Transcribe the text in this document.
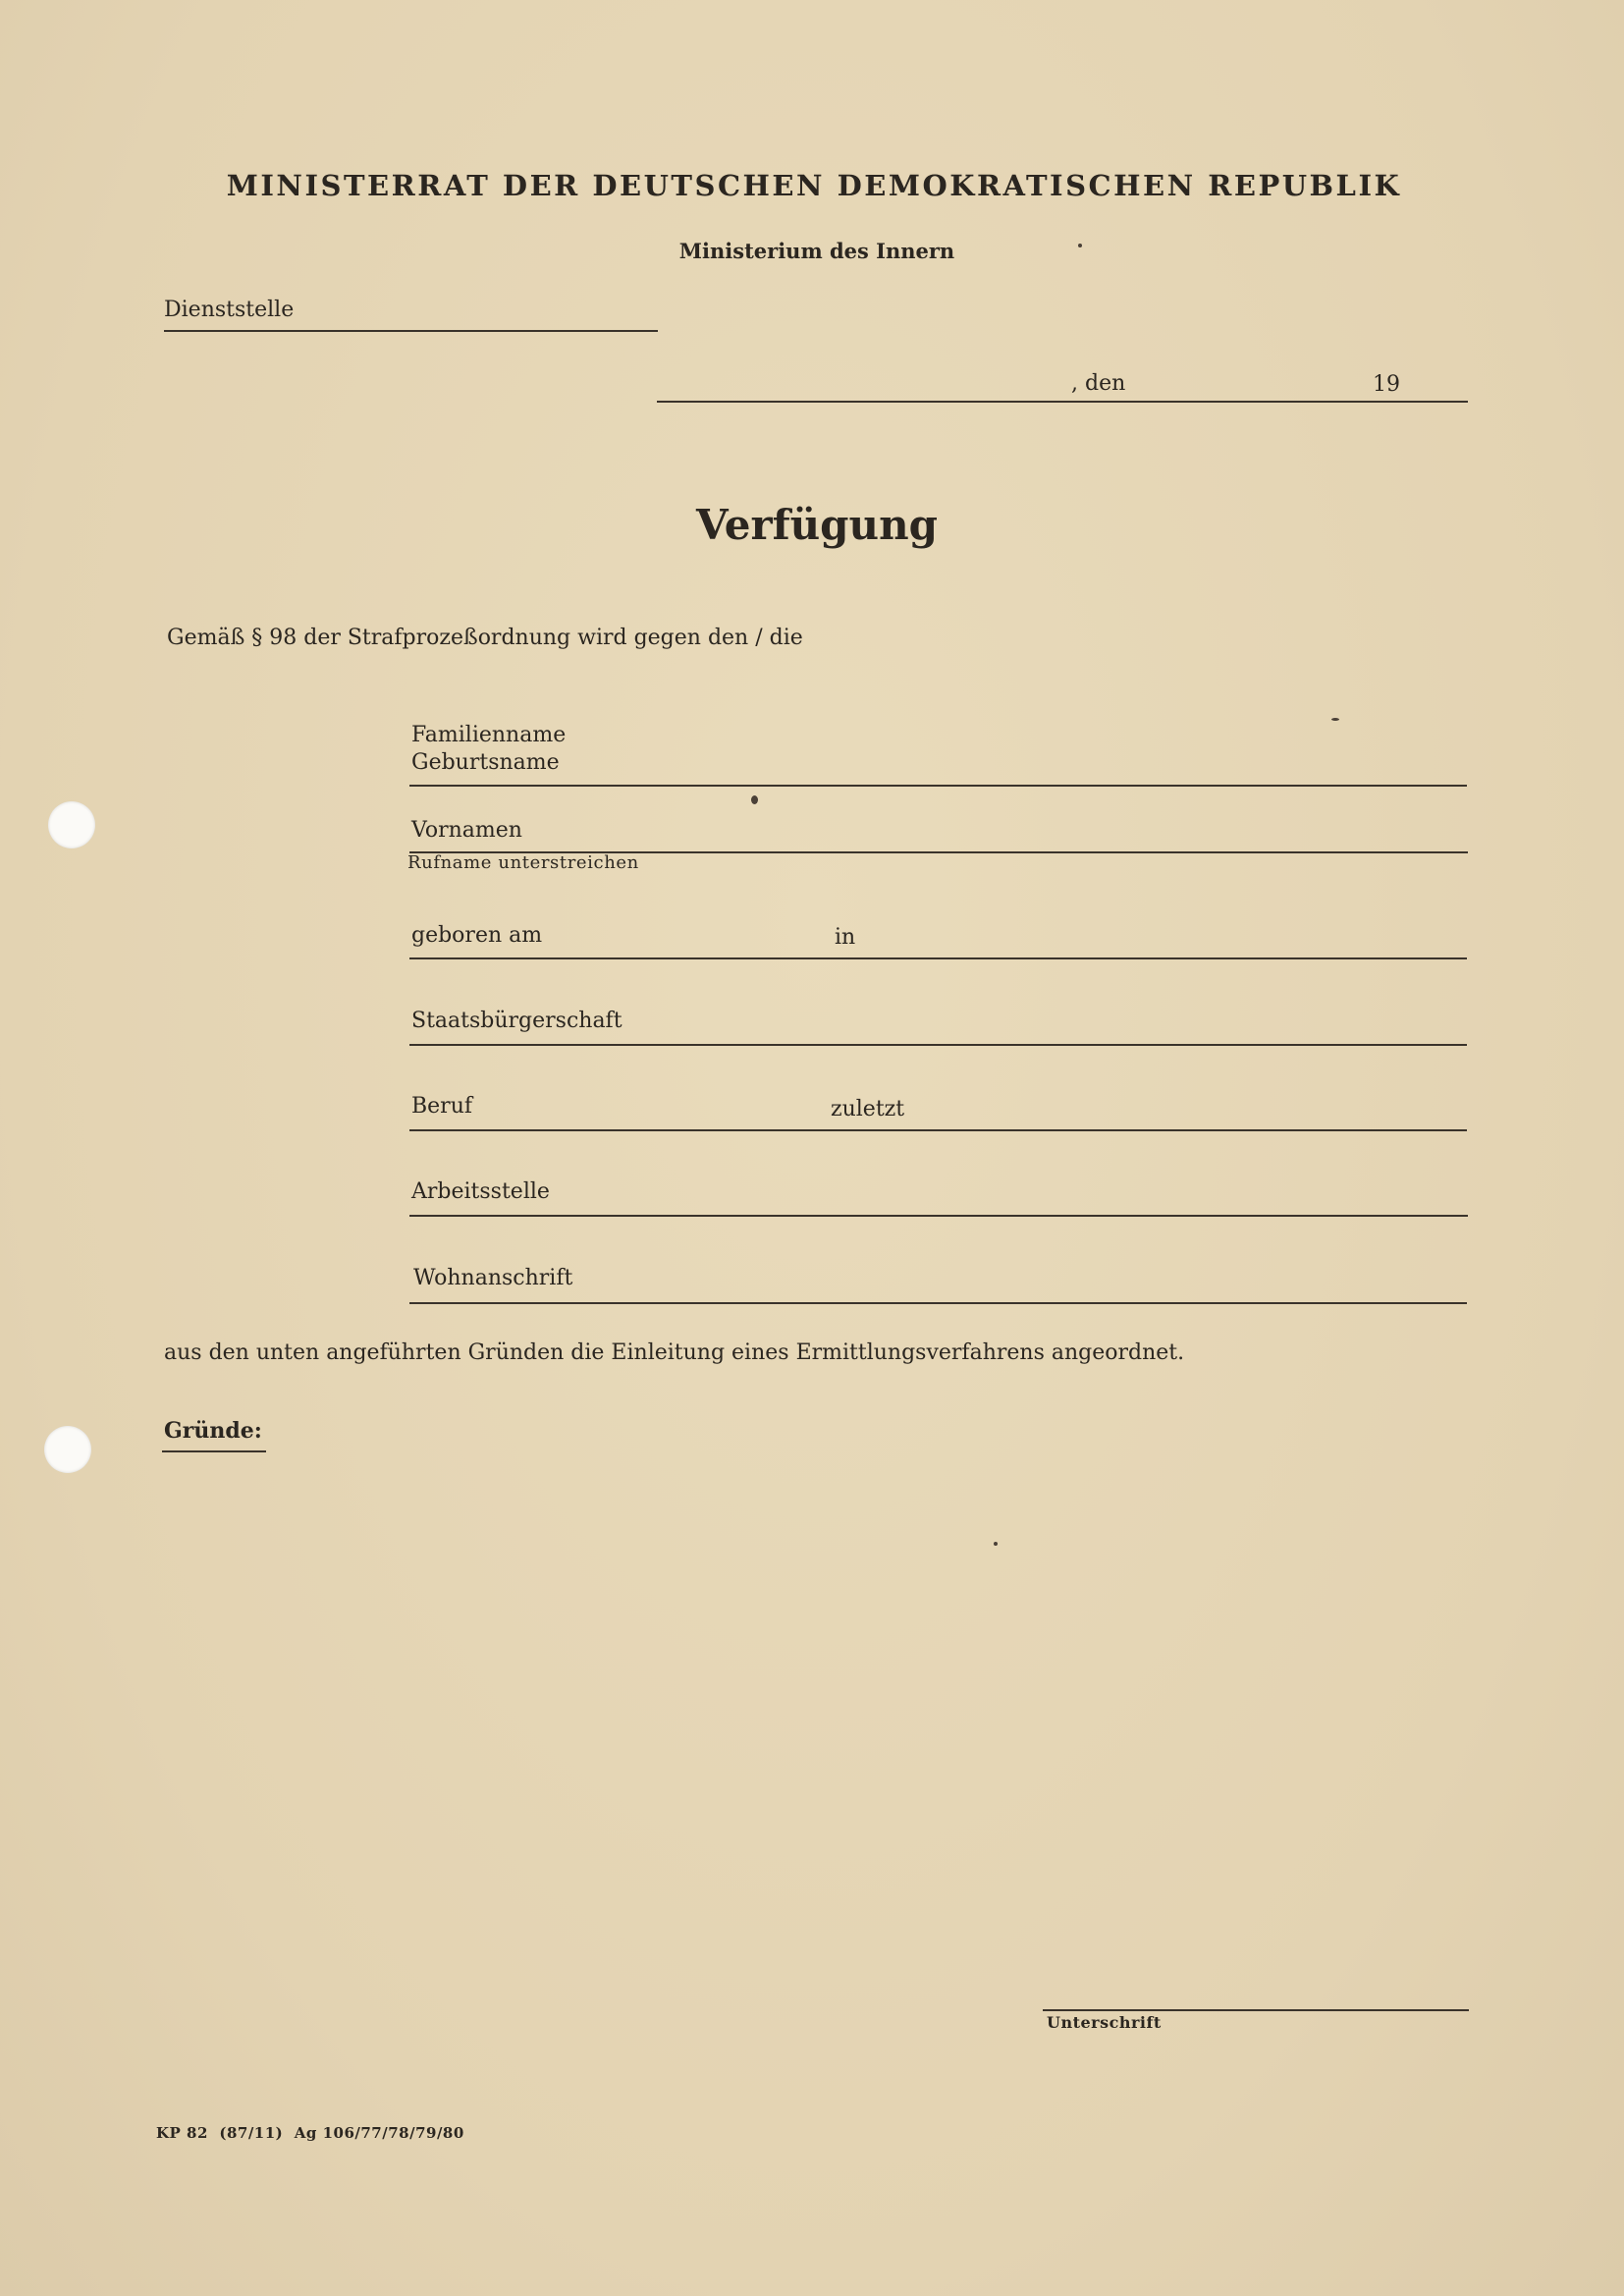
MINISTERRAT DER DEUTSCHEN DEMOKRATISCHEN REPUBLIK
Ministerium des Innern
Dienststelle
, den	19
Verfügung
Gemäß § 98 der Strafprozeßordnung wird gegen den / die
Familienname
Geburtsname
Vornamen
Rufname unterstreichen
geboren am	in
Staatsbürgerschaft
Beruf	zuletzt
Arbeitsstelle
Wohnanschrift
aus den unten angeführten Gründen die Einleitung eines Ermittlungsverfahrens angeordnet.
Gründe:
Unterschrift
KP 82  (87/11)  Ag 106/77/78/79/80
